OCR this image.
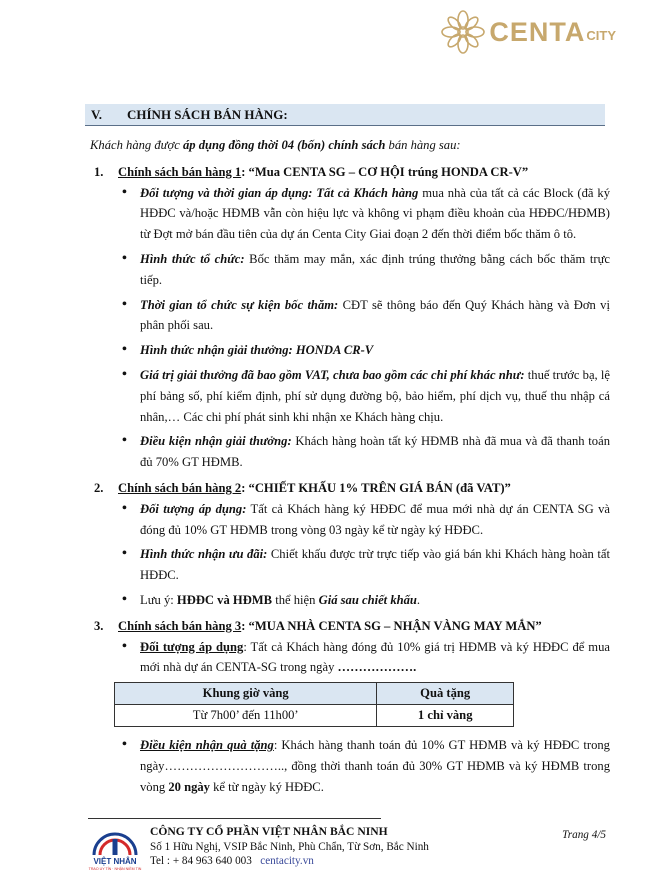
CENTA CITY
V.	CHÍNH SÁCH BÁN HÀNG:

Khách hàng được áp dụng đồng thời 04 (bốn) chính sách bán hàng sau:

1.	Chính sách bán hàng 1: “Mua CENTA SG – CƠ HỘI trúng HONDA CR-V”
• Đối tượng và thời gian áp dụng: Tất cả Khách hàng mua nhà của tất cả các Block (đã ký HĐĐC và/hoặc HĐMB vẫn còn hiệu lực và không vi phạm điều khoản của HĐĐC/HĐMB) từ Đợt mở bán đầu tiên của dự án Centa City Giai đoạn 2 đến thời điểm bốc thăm ô tô.
• Hình thức tổ chức: Bốc thăm may mắn, xác định trúng thưởng bằng cách bốc thăm trực tiếp.
• Thời gian tổ chức sự kiện bốc thăm: CĐT sẽ thông báo đến Quý Khách hàng và Đơn vị phân phối sau.
• Hình thức nhận giải thưởng: HONDA CR-V
• Giá trị giải thưởng đã bao gồm VAT, chưa bao gồm các chi phí khác như: thuế trước bạ, lệ phí bảng số, phí kiểm định, phí sử dụng đường bộ, bảo hiểm, phí dịch vụ, thuế thu nhập cá nhân,… Các chi phí phát sinh khi nhận xe Khách hàng chịu.
• Điều kiện nhận giải thưởng: Khách hàng hoàn tất ký HĐMB nhà đã mua và đã thanh toán đủ 70% GT HĐMB.
2.	Chính sách bán hàng 2: “CHIẾT KHẤU 1% TRÊN GIÁ BÁN (đã VAT)”
• Đối tượng áp dụng: Tất cả Khách hàng ký HĐĐC để mua mới nhà dự án CENTA SG và đóng đủ 10% GT HĐMB trong vòng 03 ngày kể từ ngày ký HĐĐC.
• Hình thức nhận ưu đãi: Chiết khấu được trừ trực tiếp vào giá bán khi Khách hàng hoàn tất HĐĐC.
• Lưu ý: HĐĐC và HĐMB thể hiện Giá sau chiết khấu.
3.	Chính sách bán hàng 3: “MUA NHÀ CENTA SG – NHẬN VÀNG MAY MẮN”
• Đối tượng áp dụng: Tất cả Khách hàng đóng đủ 10% giá trị HĐMB và ký HĐĐC để mua mới nhà dự án CENTA-SG trong ngày ……………….
Khung giờ vàng	Quà tặng
Từ 7h00’ đến 11h00’	1 chỉ vàng
• Điều kiện nhận quà tặng: Khách hàng thanh toán đủ 10% GT HĐMB và ký HĐĐC trong ngày……………………….., đồng thời thanh toán đủ 30% GT HĐMB và ký HĐMB trong vòng 20 ngày kể từ ngày ký HĐĐC.
VIỆT NHÂN
TRAO UY TÍN · NHẬN NIỀM TIN
CÔNG TY CỔ PHẦN VIỆT NHÂN BẮC NINH
Số 1 Hữu Nghị, VSIP Bắc Ninh, Phù Chẩn, Từ Sơn, Bắc Ninh
Tel : + 84 963 640 003 centacity.vn
Trang 4/5
